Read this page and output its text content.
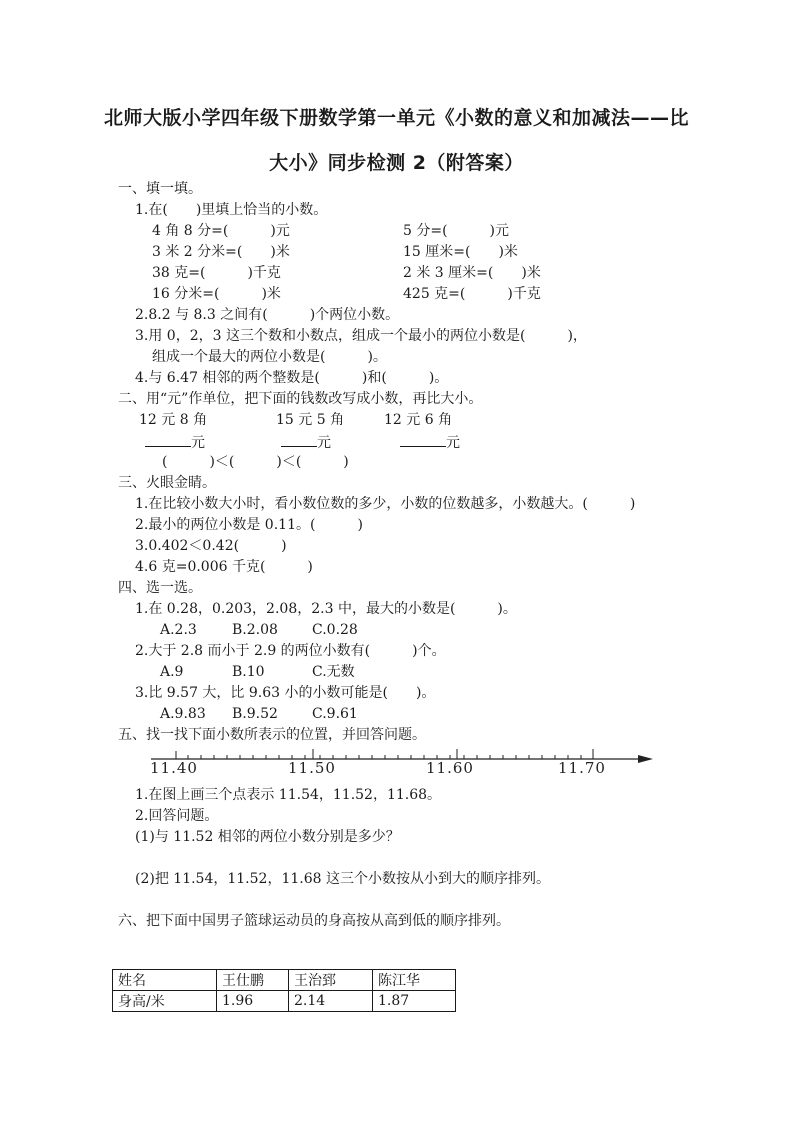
北师大版小学四年级下册数学第一单元《小数的意义和加减法——比
大小》同步检测 2（附答案）
一、填一填。
1.在(　　)里填上恰当的小数。
4 角 8 分=(　　　)元	5 分=(　　　)元
3 米 2 分米=(　　)米	15 厘米=(　　)米
38 克=(　　　)千克	2 米 3 厘米=(　　)米
16 分米=(　　　)米	425 克=(　　　)千克
2.8.2 与 8.3 之间有(　　　)个两位小数。
3.用 0，2，3 这三个数和小数点，组成一个最小的两位小数是(　　　)，
组成一个最大的两位小数是(　　　)。
4.与 6.47 相邻的两个整数是(　　　)和(　　　)。
二、用“元”作单位，把下面的钱数改写成小数，再比大小。
12 元 8 角	15 元 5 角	12 元 6 角
元	元	元
(　　　)＜(　　　)＜(　　　)
三、火眼金睛。
1.在比较小数大小时，看小数位数的多少，小数的位数越多，小数越大。(　　　)
2.最小的两位小数是 0.11。(　　　)
3.0.402＜0.42(　　　)
4.6 克=0.006 千克(　　　)
四、选一选。
1.在 0.28，0.203，2.08，2.3 中，最大的小数是(　　　)。
A.2.3	B.2.08 C.0.28
2.大于 2.8 而小于 2.9 的两位小数有(　　　)个。
A.9	B.10	C.无数
3.比 9.57 大，比 9.63 小的小数可能是(　　)。
A.9.83 B.9.52 C.9.61
五、找一找下面小数所表示的位置，并回答问题。
11.40	11.50	11.60	11.70
1.在图上画三个点表示 11.54，11.52，11.68。
2.回答问题。
(1)与 11.52 相邻的两位小数分别是多少？
(2)把 11.54，11.52，11.68 这三个小数按从小到大的顺序排列。
六、把下面中国男子篮球运动员的身高按从高到低的顺序排列。
姓名	王仕鹏	王治郅	陈江华
身高/米	1.96	2.14	1.87
